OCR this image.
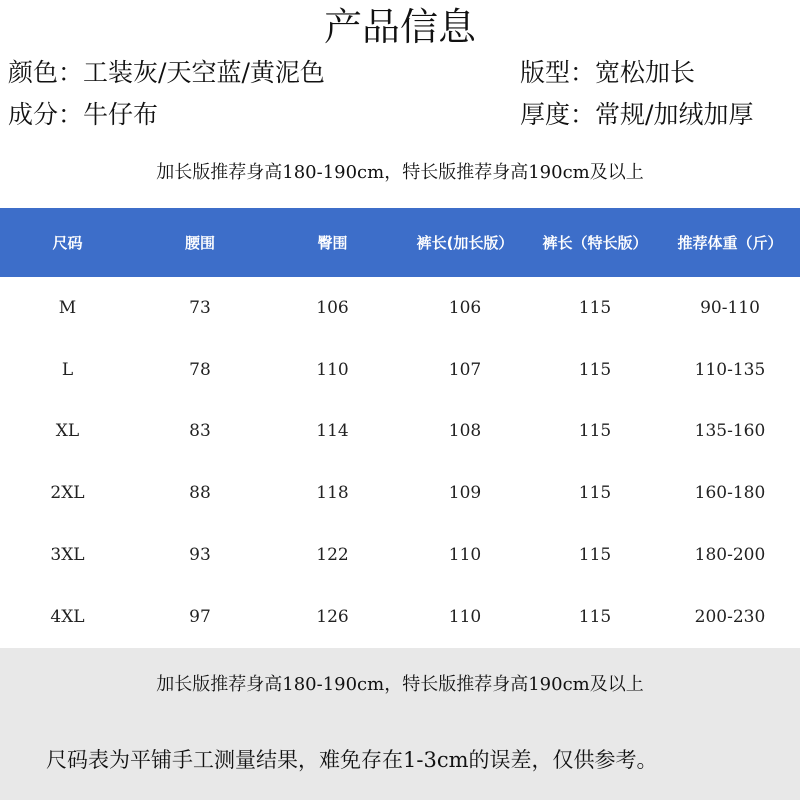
产品信息
颜色：工装灰/天空蓝/黄泥色	版型：宽松加长
成分：牛仔布	厚度：常规/加绒加厚
加长版推荐身高180-190cm，特长版推荐身高190cm及以上
尺码	腰围	臀围	裤长(加长版）	裤长（特长版）	推荐体重（斤）
M	73	106	106	115	90-110
L	78	110	107	115	110-135
XL	83	114	108	115	135-160
2XL	88	118	109	115	160-180
3XL	93	122	110	115	180-200
4XL	97	126	110	115	200-230
加长版推荐身高180-190cm，特长版推荐身高190cm及以上
尺码表为平铺手工测量结果，难免存在1-3cm的误差，仅供参考。
